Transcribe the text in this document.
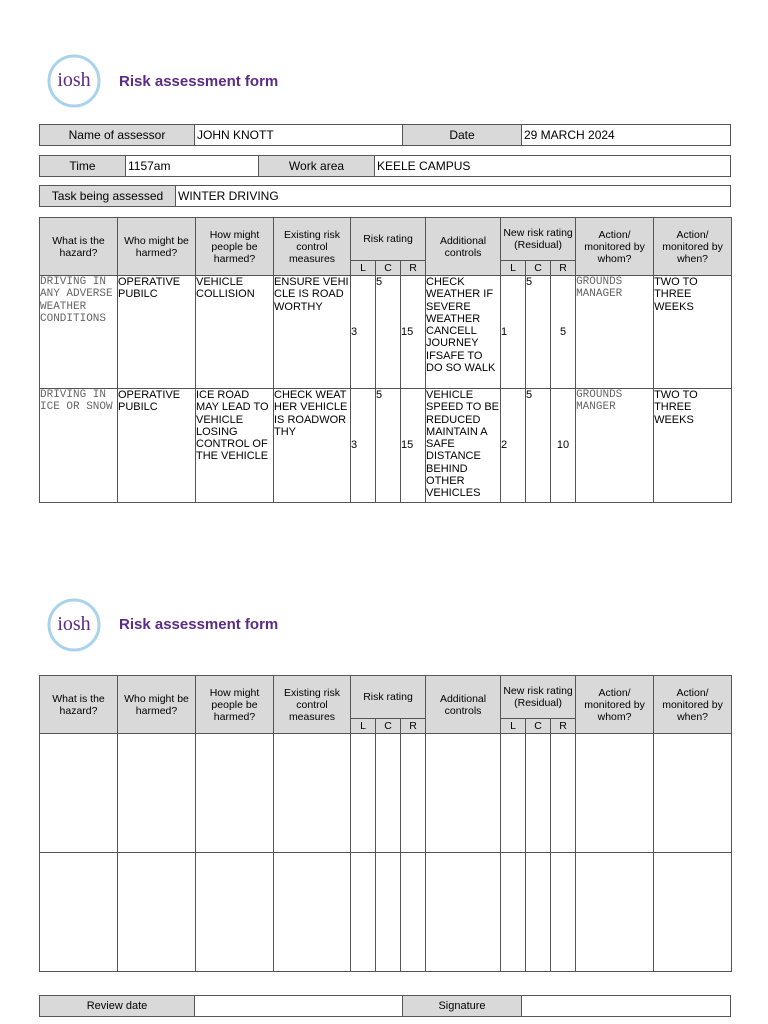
iosh Risk assessment form
Name of assessor	JOHN KNOTT	Date	29 MARCH 2024
Time	1157am	Work area	KEELE CAMPUS
Task being assessed	WINTER DRIVING
What is the hazard?	Who might be harmed?	How might people be harmed?	Existing risk control measures	Risk rating			Additional controls	New risk rating (Residual)			Action/ monitored by whom?	Action/ monitored by when?
				L	C	R		L	C	R		
DRIVING IN ANY ADVERSE WEATHER CONDITIONS	OPERATIVE PUBILC	VEHICLE COLLISION	ENSURE VEHICLE IS ROADWORTHY	3	5	15	CHECK WEATHER IF SEVERE WEATHER CANCELL JOURNEY IFSAFE TO DO SO WALK	1	5	5	GROUNDS MANAGER	TWO TO THREE WEEKS
DRIVING IN ICE OR SNOW	OPERATIVE PUBILC	ICE ROAD MAY LEAD TO VEHICLE LOSING CONTROL OF THE VEHICLE	CHECK WEATHER VEHICLE IS ROADWORTHY	3	5	15	VEHICLE SPEED TO BE REDUCED MAINTAIN A SAFE DISTANCE BEHIND OTHER VEHICLES	2	5	10	GROUNDS MANGER	TWO TO THREE WEEKS
iosh Risk assessment form
What is the hazard?	Who might be harmed?	How might people be harmed?	Existing risk control measures	Risk rating			Additional controls	New risk rating (Residual)			Action/ monitored by whom?	Action/ monitored by when?
				L	C	R		L	C	R		

Review date		Signature	
